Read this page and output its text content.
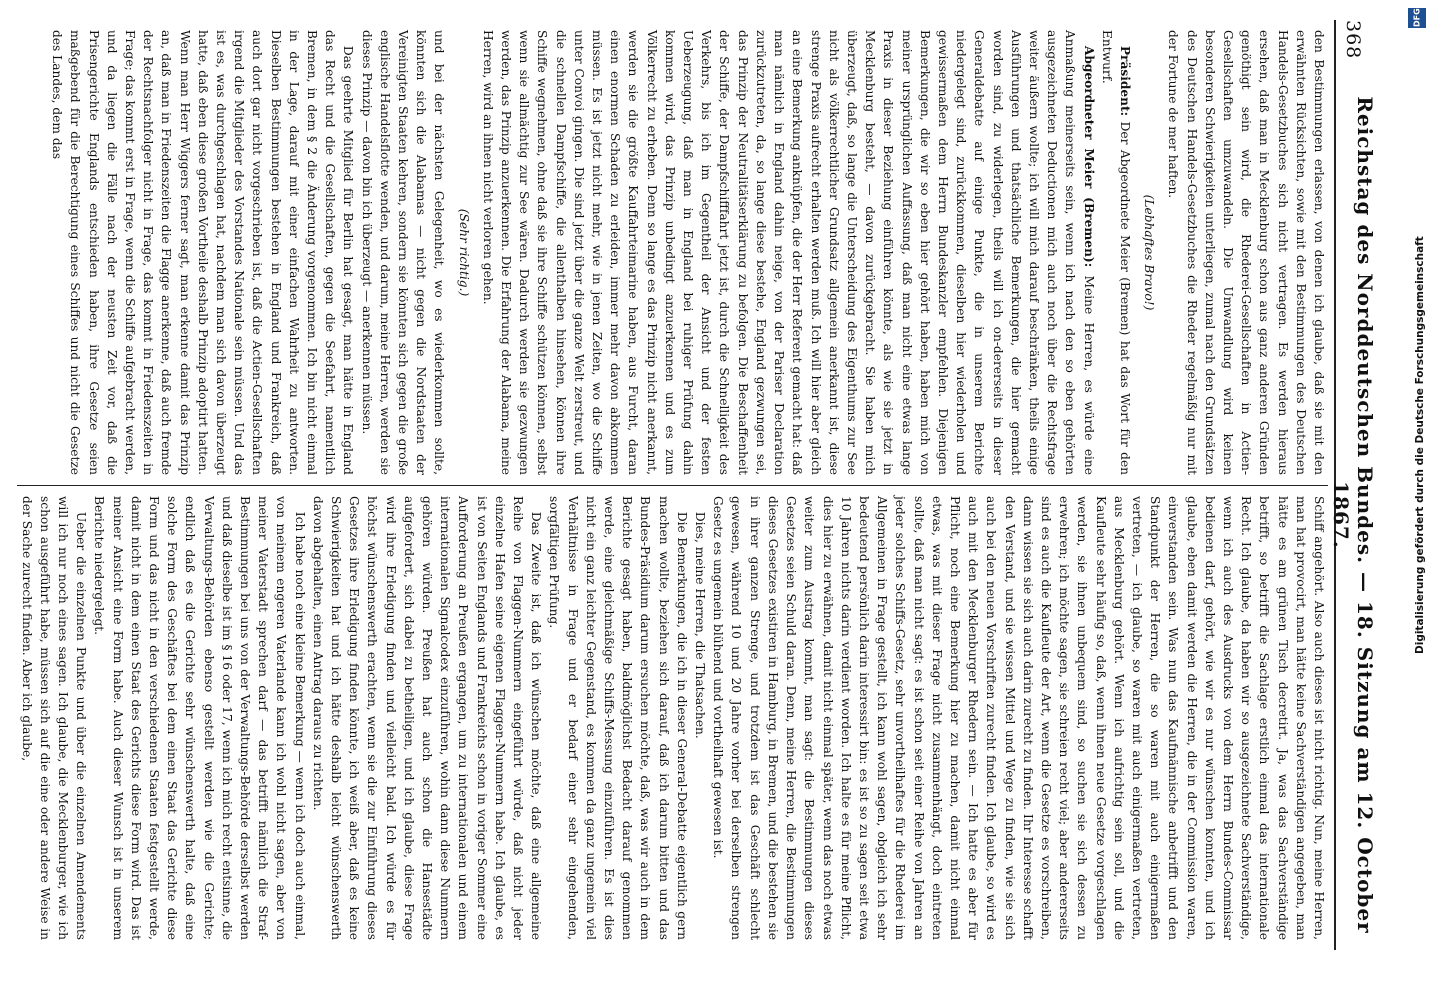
368
Reichstag des Norddeutschen Bundes. — 18. Sitzung am 12. October 1867.

den Bestimmungen erlassen, von denen ich glaube, daß sie mit den erwähnten Rücksichten, sowie mit den Bestimmungen des Deutschen Handels-Gesetzbuches sich nicht vertragen. Es werden hieraus ersehen, daß man in Mecklenburg schon aus ganz anderen Gründen genöthigt sein wird, die Rhederei-Gesellschaften in Actien-Gesellschaften umzuwandeln. Die Umwandlung wird keinen besonderen Schwierigkeiten unterliegen, zumal nach den Grundsätzen des Deutschen Handels-Gesetzbuches die Rheder regelmäßig nur mit der Fortune de mer haften.

(Lebhaftes Bravo!)

Präsident: Der Abgeordnete Meier (Bremen) hat das Wort für den Entwurf.

Abgeordneter Meier (Bremen): Meine Herren, es würde eine Anmaßung meinerseits sein, wenn ich nach den so eben gehörten ausgezeichneten Deductionen mich auch noch über die Rechtsfrage weiter äußern wollte; ich will mich darauf beschränken, theils einige Ausführungen und thatsächliche Bemerkungen, die hier gemacht worden sind, zu widerlegen, theils will ich on-dererseits in dieser Generaldebatte auf einige Punkte, die in unserem Berichte niedergelegt sind, zurückkommen, dieselben hier wiederholen und gewissermaßen dem Herrn Bundeskanzler empfehlen. Diejenigen Bemerkungen, die wir so eben hier gehört haben, haben mich von meiner ursprünglichen Auffassung, daß man nicht eine etwas lange Praxis in dieser Beziehung einführen könnte, als wie sie jetzt in Mecklenburg besteht, — davon zurückgebracht. Sie haben mich überzeugt, daß, so lange die Unterscheidung des Eigenthums zur See nicht als völkerrechtlicher Grundsatz allgemein anerkannt ist, diese strenge Praxis aufrecht erhalten werden muß. Ich will hier aber gleich an eine Bemerkung anknüpfen, die der Herr Referent gemacht hat: daß man nämlich in England dahin neige, von der Pariser Declaration zurückzutreten, da, so lange diese bestehe, England gezwungen sei, das Prinzip der Neutralitätserklärung zu befolgen. Die Beschaffenheit der Schiffe, der Dampfschifffahrt jetzt ist, durch die Schnelligkeit des Verkehrs, bis ich im Gegentheil der Ansicht und der festen Ueberzeugung, daß man in England bei ruhiger Prüfung dahin kommen wird, das Prinzip unbedingt anzuerkennen und es zum Völkerrecht zu erheben. Denn so lange es das Prinzip nicht anerkannt, werden sie die größte Kauffahrteimarine haben, aus Furcht, daran einen enormen Schaden zu erleiden, immer mehr davon abkommen müssen. Es ist jetzt nicht mehr, wie in jenen Zeiten, wo die Schiffe unter Convoi gingen. Die sind jetzt über die ganze Welt zerstreut, und die schnellen Dampfschiffe, die allenthalben hinsehen, können ihre Schiffe wegnehmen, ohne daß sie ihre Schiffe schützen können, selbst wenn sie allmächtig zur See wären. Dadurch werden sie gezwungen werden, das Prinzip anzuerkennen. Die Erfahrung der Alabama, meine Herren, wird an ihnen nicht verloren gehen.

(Sehr richtig.)

und bei der nächsten Gelegenheit, wo es wiederkommen sollte, könnten sich die Alabamas — nicht gegen die Nordstaaten der Vereinigten Staaten kehren, sondern sie könnten sich gegen die große englische Handelsflotte wenden, und darum, meine Herren, werden sie dieses Prinzip — davon bin ich überzeugt — anerkennen müssen.

Das geehrte Mitglied für Berlin hat gesagt, man hätte in England das Recht und die Gesellschaften, gegen die Seefahrt, namentlich Bremen, in dem § 2 die Änderung vorgenommen. Ich bin nicht einmal in der Lage, darauf mit einer einfachen Wahrheit zu antworten. Dieselben Bestimmungen bestehen in England und Frankreich, daß auch dort gar nicht vorgeschrieben ist, daß die Actien-Gesellschaften irgend die Mitglieder des Vorstandes Nationale sein müssen. Und das ist es, was durchgeschlagen hat, nachdem man sich davon überzeugt hatte, daß eben diese großen Vortheile deshalb Prinzip adoptirt hatten. Wenn man Herr Wiggers ferner sagt, man erkenne damit das Prinzip an, daß man in Friedenszeiten die Flagge anerkenne, daß auch fremde der Rechtsnachfolger nicht in Frage, das kommt in Friedenszeiten in Frage; das kommt erst in Frage, wenn die Schiffe aufgebracht werden, und da liegen die Fälle nach der neusten Zeit vor, daß die Prisengerichte Englands entschieden haben, ihre Gesetze seien maßgebend für die Berechtigung eines Schiffes und nicht die Gesetze des Landes, dem das

Schiff angehört. Also auch dieses ist nicht richtig. Nun, meine Herren, man hat provocirt, man hätte keine Sachverständigen angegeben, man hätte es am grünen Tisch decretirt. Ja, was das Sachverständige betrifft, so betrifft die Sachlage erstlich einmal das internationale Recht. Ich glaube, da haben wir so ausgezeichnete Sachverständige, wenn ich auch des Ausdrucks von dem Herrn Bundes-Commissar bedienen darf, gehört, wie wir es nur wünschen konnten, und ich glaube, eben damit werden die Herren, die in der Commission waren, einverstanden sein. Was nun das Kaufmännische anbetrifft und den Standpunkt der Herren, die so waren mit auch einigermaßen vertreten, — ich glaube, so waren mit auch einigermaßen vertreten, aus Mecklenburg gehört. Wenn ich aufrichtig sein soll, und die Kaufleute sehr häufig so, daß, wenn ihnen neue Gesetze vorgeschlagen werden, sie ihnen unbequem sind, so suchen sie sich dessen zu erwehren; ich möchte sagen, sie schreien recht viel; aber andererseits sind es auch die Kaufleute der Art, wenn die Gesetze es vorschreiben, dann wissen sie sich auch darin zurecht zu finden. Ihr Interesse schafft den Verstand, und sie wissen Mittel und Wege zu finden, wie sie sich auch bei den neuen Vorschriften zurecht finden. Ich glaube, so wird es auch mit den Mecklenburger Rhedern sein. — Ich hatte es aber für Pflicht, noch eine Bemerkung hier zu machen, damit nicht einmal etwas, was mit dieser Frage nicht zusammenhängt, doch eintreten sollte, daß man nicht sagt: es ist schon seit einer Reihe von Jahren an jeder solches Schiffs-Gesetz, sehr unvortheilhaftes für die Rhederei im Allgemeinen in Frage gestellt, ich kann wohl sagen, obgleich ich sehr bedeutend persönlich darin interessirt bin: es ist so zu sagen seit etwa 10 Jahren nichts darin verdient worden. Ich halte es für meine Pflicht, dies hier zu erwähnen, damit nicht einmal später, wenn das noch etwas weiter zum Austrag kommt, man sagt: die Bestimmungen dieses Gesetzes seien Schuld daran. Denn, meine Herren, die Bestimmungen dieses Gesetzes existiren in Hamburg, in Bremen, und die bestehen sie in ihrer ganzen Strenge, und trotzdem ist das Geschäft schlecht gewesen, während 10 und 20 Jahre vorher bei derselben strengen Gesetz es ungemein blühend und vortheilhaft gewesen ist.

Dies, meine Herren, die Thatsachen.

Die Bemerkungen, die ich in dieser General-Debatte eigentlich gern machen wollte, beziehen sich darauf, daß ich darum bitten und das Bundes-Präsidium darum ersuchen möchte, daß, was wir auch in dem Berichte gesagt haben, baldmöglichst Bedacht darauf genommen werde, eine gleichmäßige Schiffs-Messung einzuführen. Es ist dies nicht ein ganz leichter Gegenstand, es kommen da ganz ungemein viel Verhältnisse in Frage und er bedarf einer sehr eingehenden, sorgfältigen Prüfung.

Das Zweite ist, daß ich wünschen möchte, daß eine allgemeine Reihe von Flaggen-Nummern eingeführt würde, daß nicht jeder einzelne Hafen seine eigenen Flaggen-Nummern habe. Ich glaube, es ist von Seiten Englands und Frankreichs schon in voriger Sommer eine Aufforderung an Preußen ergangen, um zu internationalen und einem internationalen Signalcodex einzuführen, wohin dann diese Nummern gehören würden. Preußen hat auch schon die Hansestädte aufgefordert, sich dabei zu betheiligen, und ich glaube, diese Frage wird ihre Erledigung finden und vielleicht bald. Ich würde es für höchst wünschenswerth erachten, wenn sie die zur Einführung dieses Gesetzes ihre Erledigung finden könnte, ich weiß aber, daß es keine Schwierigkeiten hat und ich hätte deshalb leicht wünschenswerth davon abgehalten, einen Antrag daraus zu richten.

Ich habe noch eine kleine Bemerkung — wenn ich doch auch einmal, von meinem engeren Vaterlande kann ich wohl nicht sagen, aber von meiner Vaterstadt sprechen darf — das betrifft nämlich die Straf-Bestimmungen bei uns von der Verwaltungs-Behörde derselbst werden und daß dieselbe ist im § 16 oder 17, wenn ich mich recht entsinne, die Verwaltungs-Behörden ebenso gestellt werden wie die Gerichte; endlich daß es die Gerichte sehr wünschenswerth halte, daß eine solche Form des Geschäftes bei dem einen Staat das Gerichte diese Form und das nicht in den verschiedenen Staaten festgestellt werde, damit nicht in dem einen Staat des Gerichts diese Form wird. Das ist meiner Ansicht eine Form habe. Auch dieser Wunsch ist in unserem Berichte niedergelegt.

Ueber die einzelnen Punkte und über die einzelnen Amendements will ich nur noch eines sagen. Ich glaube, die Mecklenburger, wie ich schon ausgeführt habe, müssen sich auf die eine oder andere Weise in der Sache zurecht finden. Aber ich glaube,

DFG
Digitalisierung gefördert durch die Deutsche Forschungsgemeinschaft
